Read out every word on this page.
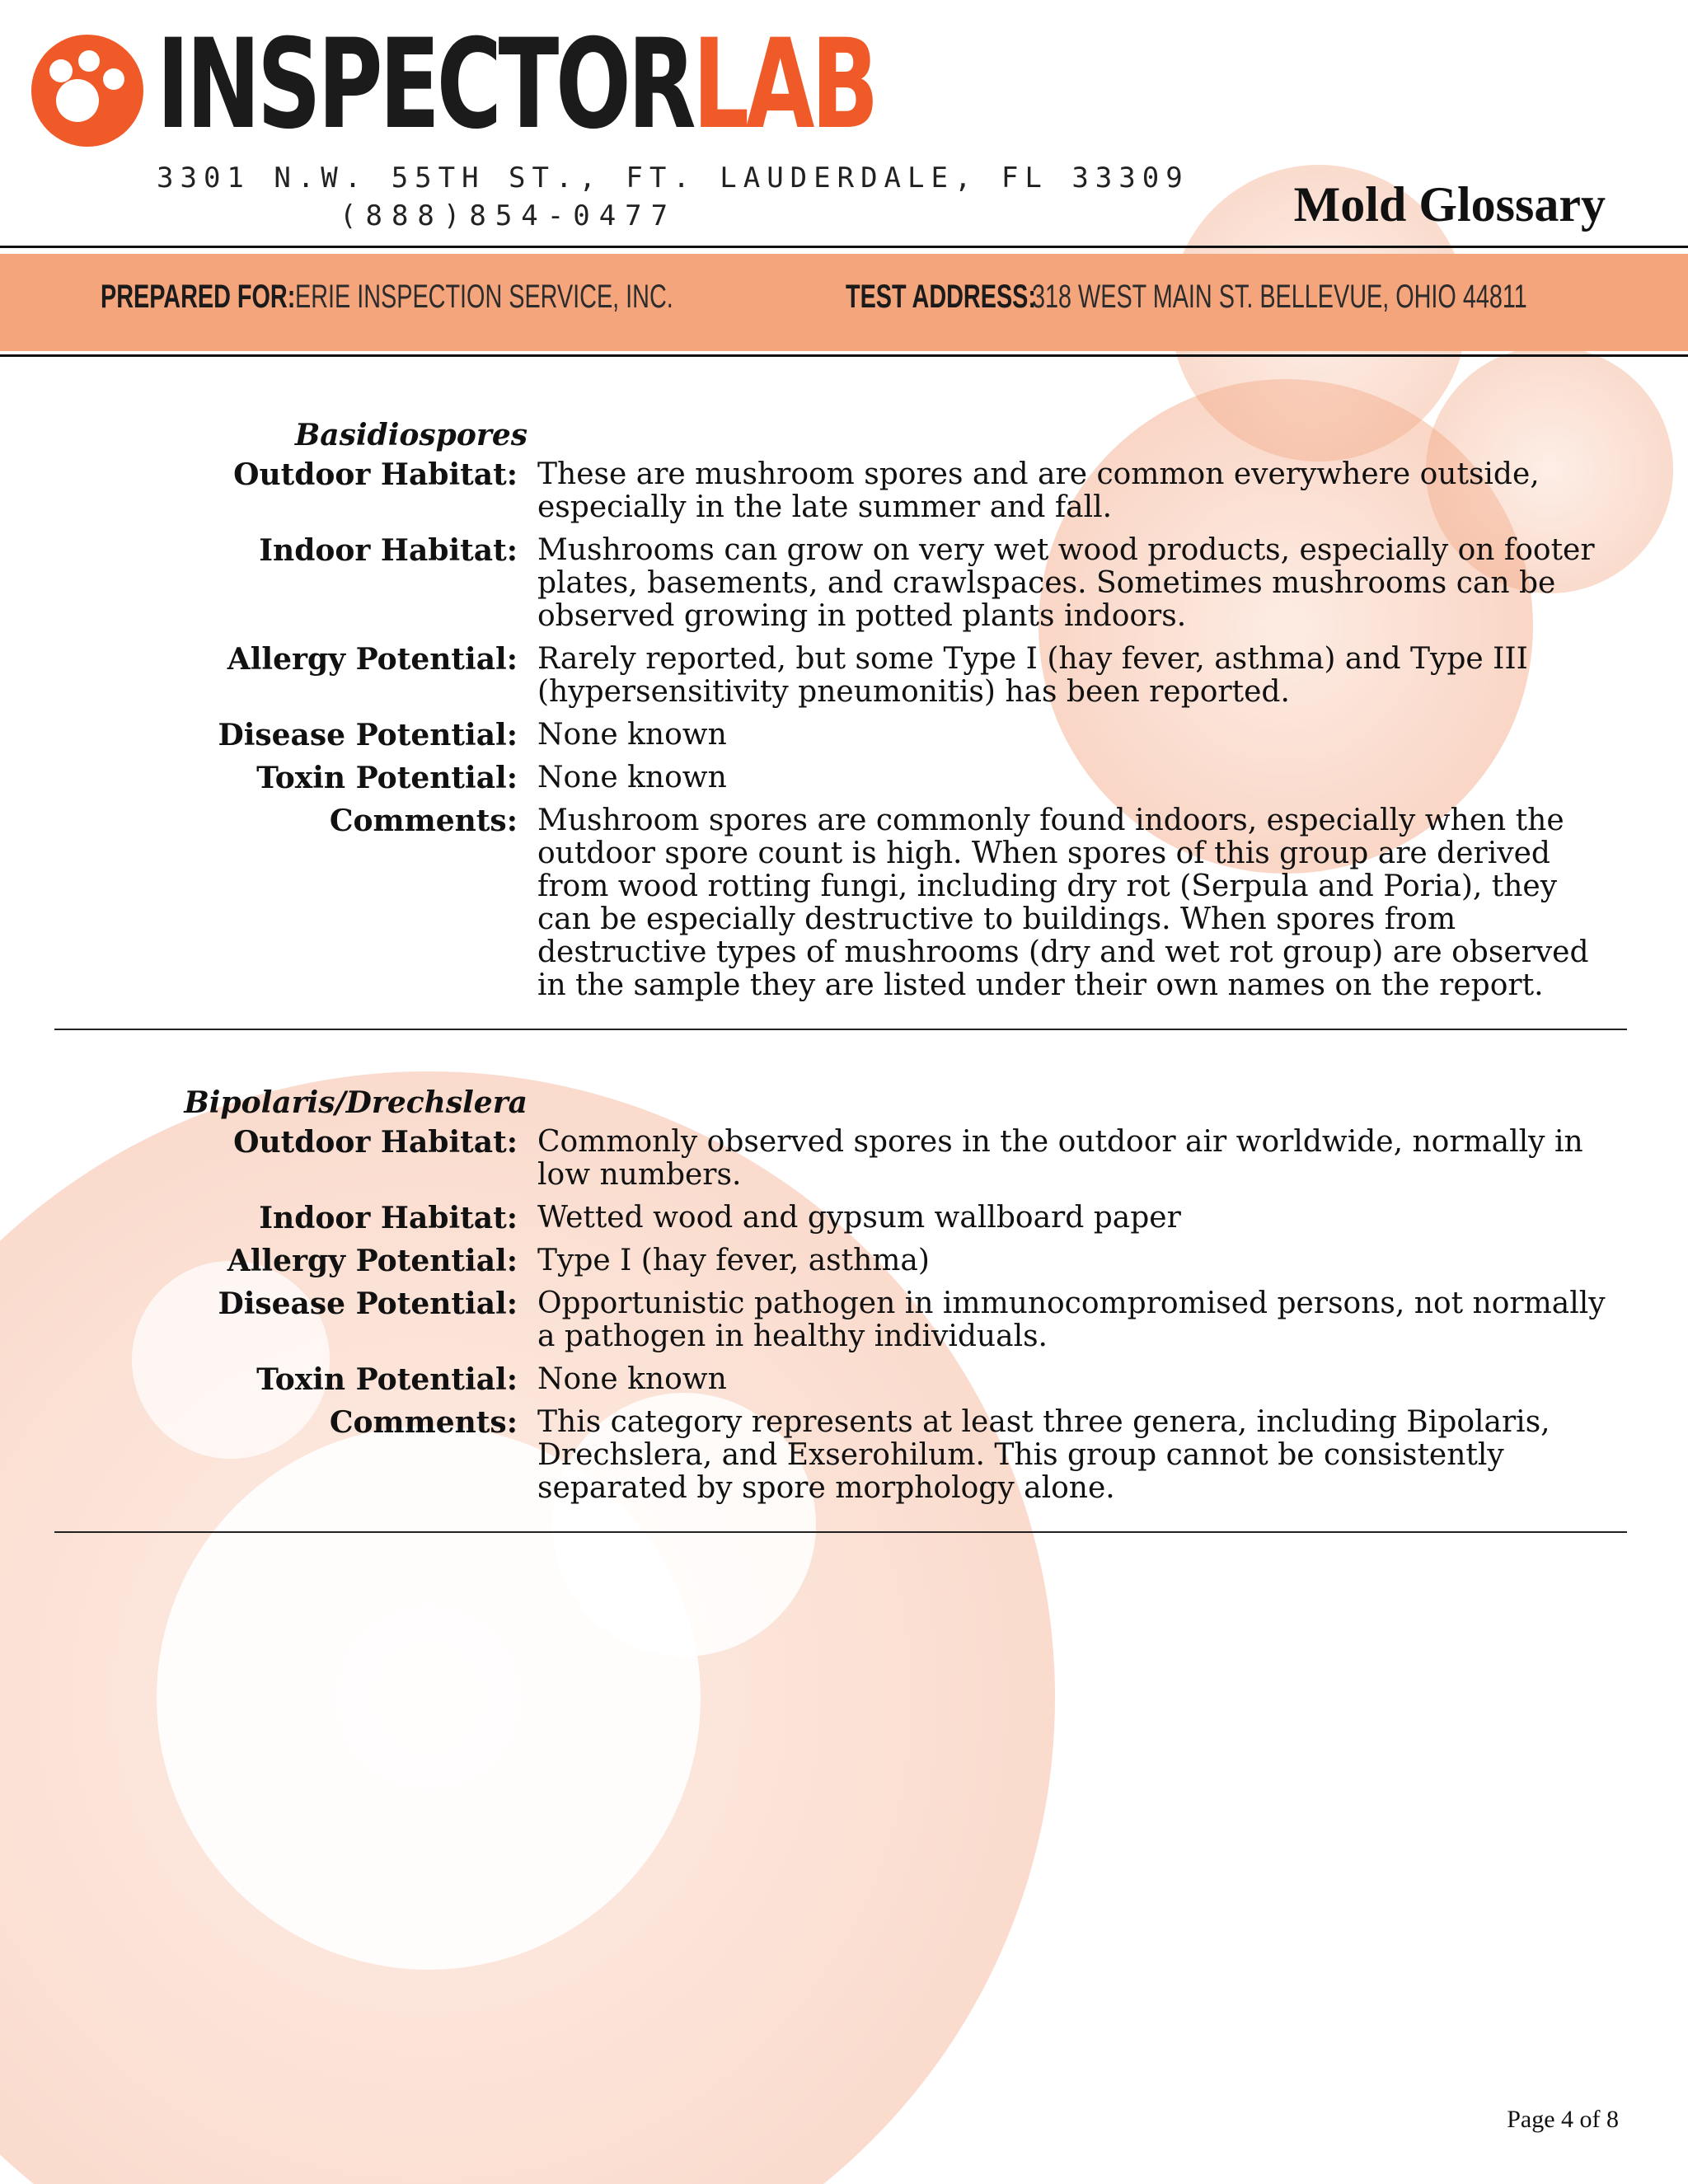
INSPECTORLAB
3301 N.W. 55TH ST., FT. LAUDERDALE, FL 33309
(888)854-0477	Mold Glossary
PREPARED FOR: ERIE INSPECTION SERVICE, INC.	TEST ADDRESS:
318 WEST MAIN ST. BELLEVUE, OHIO 44811
Basidiospores
Outdoor Habitat: These are mushroom spores and are common everywhere outside, especially in the late summer and fall.
Indoor Habitat: Mushrooms can grow on very wet wood products, especially on footer plates, basements, and crawlspaces. Sometimes mushrooms can be observed growing in potted plants indoors.
Allergy Potential: Rarely reported, but some Type I (hay fever, asthma) and Type III (hypersensitivity pneumonitis) has been reported.
Disease Potential: None known
Toxin Potential: None known
Comments: Mushroom spores are commonly found indoors, especially when the outdoor spore count is high. When spores of this group are derived from wood rotting fungi, including dry rot (Serpula and Poria), they can be especially destructive to buildings. When spores from destructive types of mushrooms (dry and wet rot group) are observed in the sample they are listed under their own names on the report.
Bipolaris/Drechslera
Outdoor Habitat: Commonly observed spores in the outdoor air worldwide, normally in low numbers.
Indoor Habitat: Wetted wood and gypsum wallboard paper
Allergy Potential: Type I (hay fever, asthma)
Disease Potential: Opportunistic pathogen in immunocompromised persons, not normally a pathogen in healthy individuals.
Toxin Potential: None known
Comments: This category represents at least three genera, including Bipolaris, Drechslera, and Exserohilum. This group cannot be consistently separated by spore morphology alone.
Page 4 of 8
